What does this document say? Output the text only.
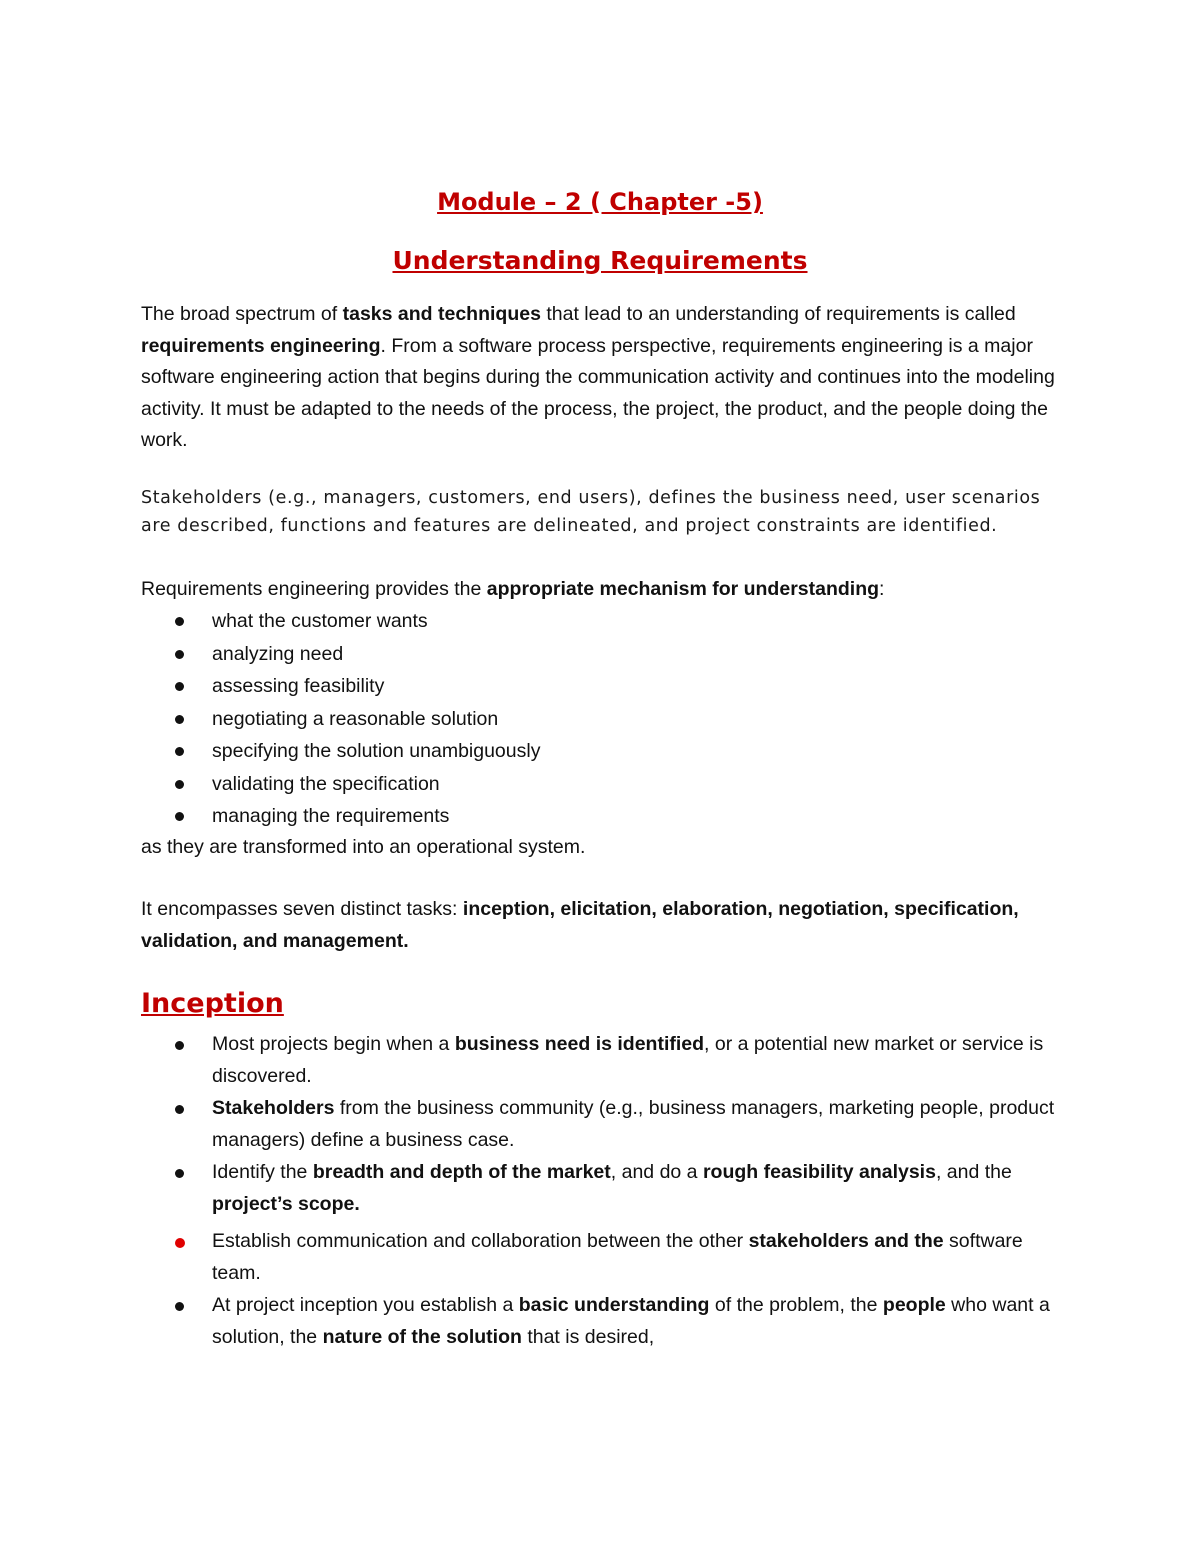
Module – 2 ( Chapter -5)
Understanding Requirements

The broad spectrum of tasks and techniques that lead to an understanding of requirements is called requirements engineering. From a software process perspective, requirements engineering is a major software engineering action that begins during the communication activity and continues into the modeling activity. It must be adapted to the needs of the process, the project, the product, and the people doing the work.

Stakeholders (e.g., managers, customers, end users), defines the business need, user scenarios are described, functions and features are delineated, and project constraints are identified.

Requirements engineering provides the appropriate mechanism for understanding:

what the customer wants
analyzing need
assessing feasibility
negotiating a reasonable solution
specifying the solution unambiguously
validating the specification
managing the requirements

as they are transformed into an operational system.

It encompasses seven distinct tasks: inception, elicitation, elaboration, negotiation, specification, validation, and management.

Inception
Most projects begin when a business need is identified, or a potential new market or service is discovered.
Stakeholders from the business community (e.g., business managers, marketing people, product managers) define a business case.
Identify the breadth and depth of the market, and do a rough feasibility analysis, and the project’s scope.
Establish communication and collaboration between the other stakeholders and the software team.
At project inception you establish a basic understanding of the problem, the people who want a solution, the nature of the solution that is desired,
